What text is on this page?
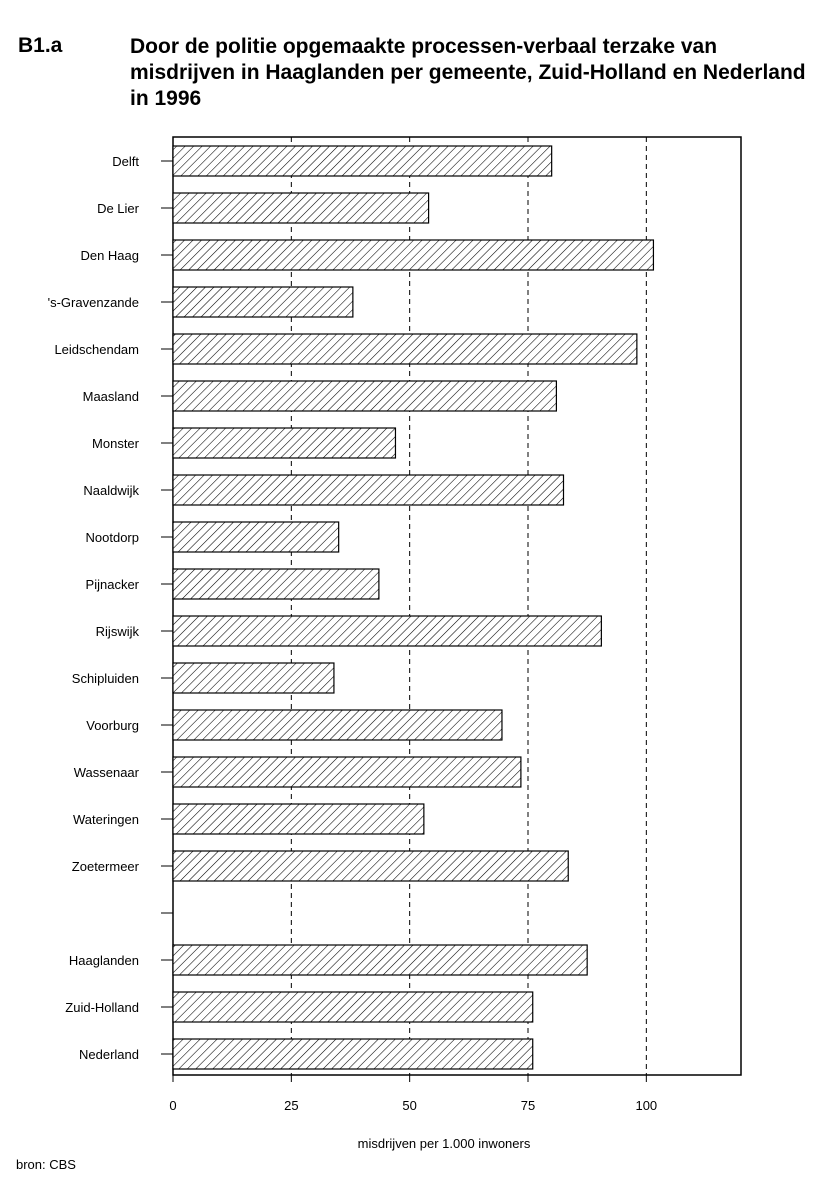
B1.a	Door de politie opgemaakte processen-verbaal terzake van misdrijven in Haaglanden per gemeente, Zuid-Holland en Nederland in 1996
Delft
De Lier
Den Haag
's-Gravenzande
Leidschendam
Maasland
Monster
Naaldwijk
Nootdorp
Pijnacker
Rijswijk
Schipluiden
Voorburg
Wassenaar
Wateringen
Zoetermeer
Haaglanden
Zuid-Holland
Nederland
0	25	50	75	100
misdrijven per 1.000 inwoners
bron: CBS
